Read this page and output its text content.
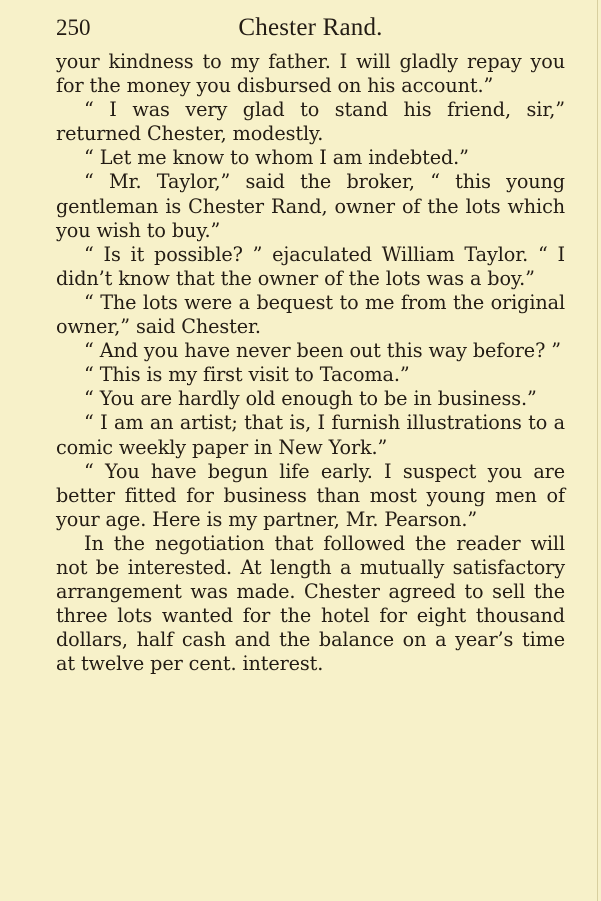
250	Chester Rand.

your kindness to my father. I will gladly repay you for the money you disbursed on his account.”

“ I was very glad to stand his friend, sir,” returned Chester, modestly.

“ Let me know to whom I am indebted.”

“ Mr. Taylor,” said the broker, “ this young gentleman is Chester Rand, owner of the lots which you wish to buy.”

“ Is it possible? ” ejaculated William Taylor. “ I didn’t know that the owner of the lots was a boy.”

“ The lots were a bequest to me from the original owner,” said Chester.

“ And you have never been out this way before? ”

“ This is my first visit to Tacoma.”

“ You are hardly old enough to be in business.”

“ I am an artist; that is, I furnish illustrations to a comic weekly paper in New York.”

“ You have begun life early. I suspect you are better fitted for business than most young men of your age. Here is my partner, Mr. Pearson.”

In the negotiation that followed the reader will not be interested. At length a mutually satisfactory arrangement was made. Chester agreed to sell the three lots wanted for the hotel for eight thousand dollars, half cash and the balance on a year’s time at twelve per cent. interest.
